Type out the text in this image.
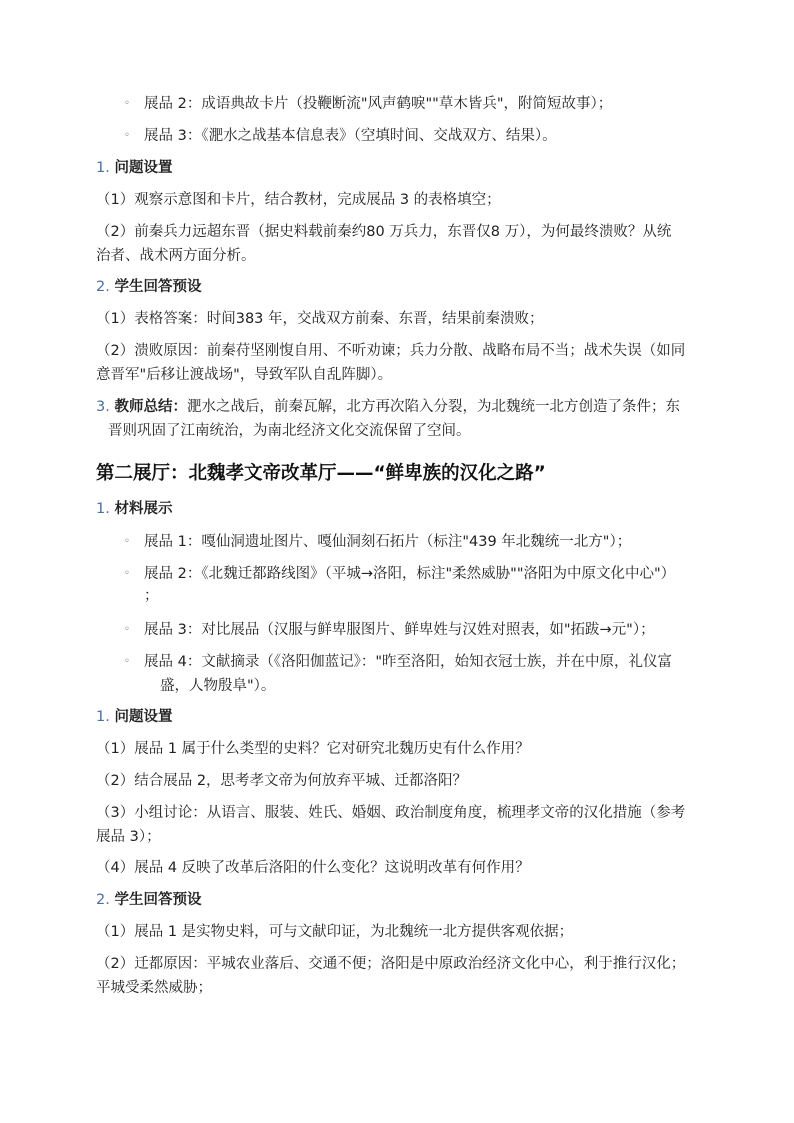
◦ 展品 2：成语典故卡片（投鞭断流"风声鹤唳""草木皆兵"，附简短故事）；
◦ 展品 3：《淝水之战基本信息表》（空填时间、交战双方、结果）。
1. 问题设置
（1）观察示意图和卡片，结合教材，完成展品 3 的表格填空；
（2）前秦兵力远超东晋（据史料载前秦约80 万兵力，东晋仅8 万），为何最终溃败？从统
治者、战术两方面分析。
2. 学生回答预设
（1）表格答案：时间383 年，交战双方前秦、东晋，结果前秦溃败；
（2）溃败原因：前秦苻坚刚愎自用、不听劝谏；兵力分散、战略布局不当；战术失误（如同
意晋军"后移让渡战场"，导致军队自乱阵脚）。
3. 教师总结：淝水之战后，前秦瓦解，北方再次陷入分裂，为北魏统一北方创造了条件；东
晋则巩固了江南统治，为南北经济文化交流保留了空间。
第二展厅：北魏孝文帝改革厅——“鲜卑族的汉化之路”
1. 材料展示
◦ 展品 1：嘎仙洞遗址图片、嘎仙洞刻石拓片（标注"439 年北魏统一北方"）；
◦ 展品 2：《北魏迁都路线图》（平城→洛阳，标注"柔然威胁""洛阳为中原文化中心"）
；
◦ 展品 3：对比展品（汉服与鲜卑服图片、鲜卑姓与汉姓对照表，如"拓跋→元"）；
◦ 展品 4：文献摘录（《洛阳伽蓝记》："昨至洛阳，始知衣冠士族，并在中原，礼仪富
盛，人物殷阜"）。
1. 问题设置
（1）展品 1 属于什么类型的史料？它对研究北魏历史有什么作用？
（2）结合展品 2，思考孝文帝为何放弃平城、迁都洛阳？
（3）小组讨论：从语言、服装、姓氏、婚姻、政治制度角度，梳理孝文帝的汉化措施（参考
展品 3）；
（4）展品 4 反映了改革后洛阳的什么变化？这说明改革有何作用？
2. 学生回答预设
（1）展品 1 是实物史料，可与文献印证，为北魏统一北方提供客观依据；
（2）迁都原因：平城农业落后、交通不便；洛阳是中原政治经济文化中心，利于推行汉化；
平城受柔然威胁；
